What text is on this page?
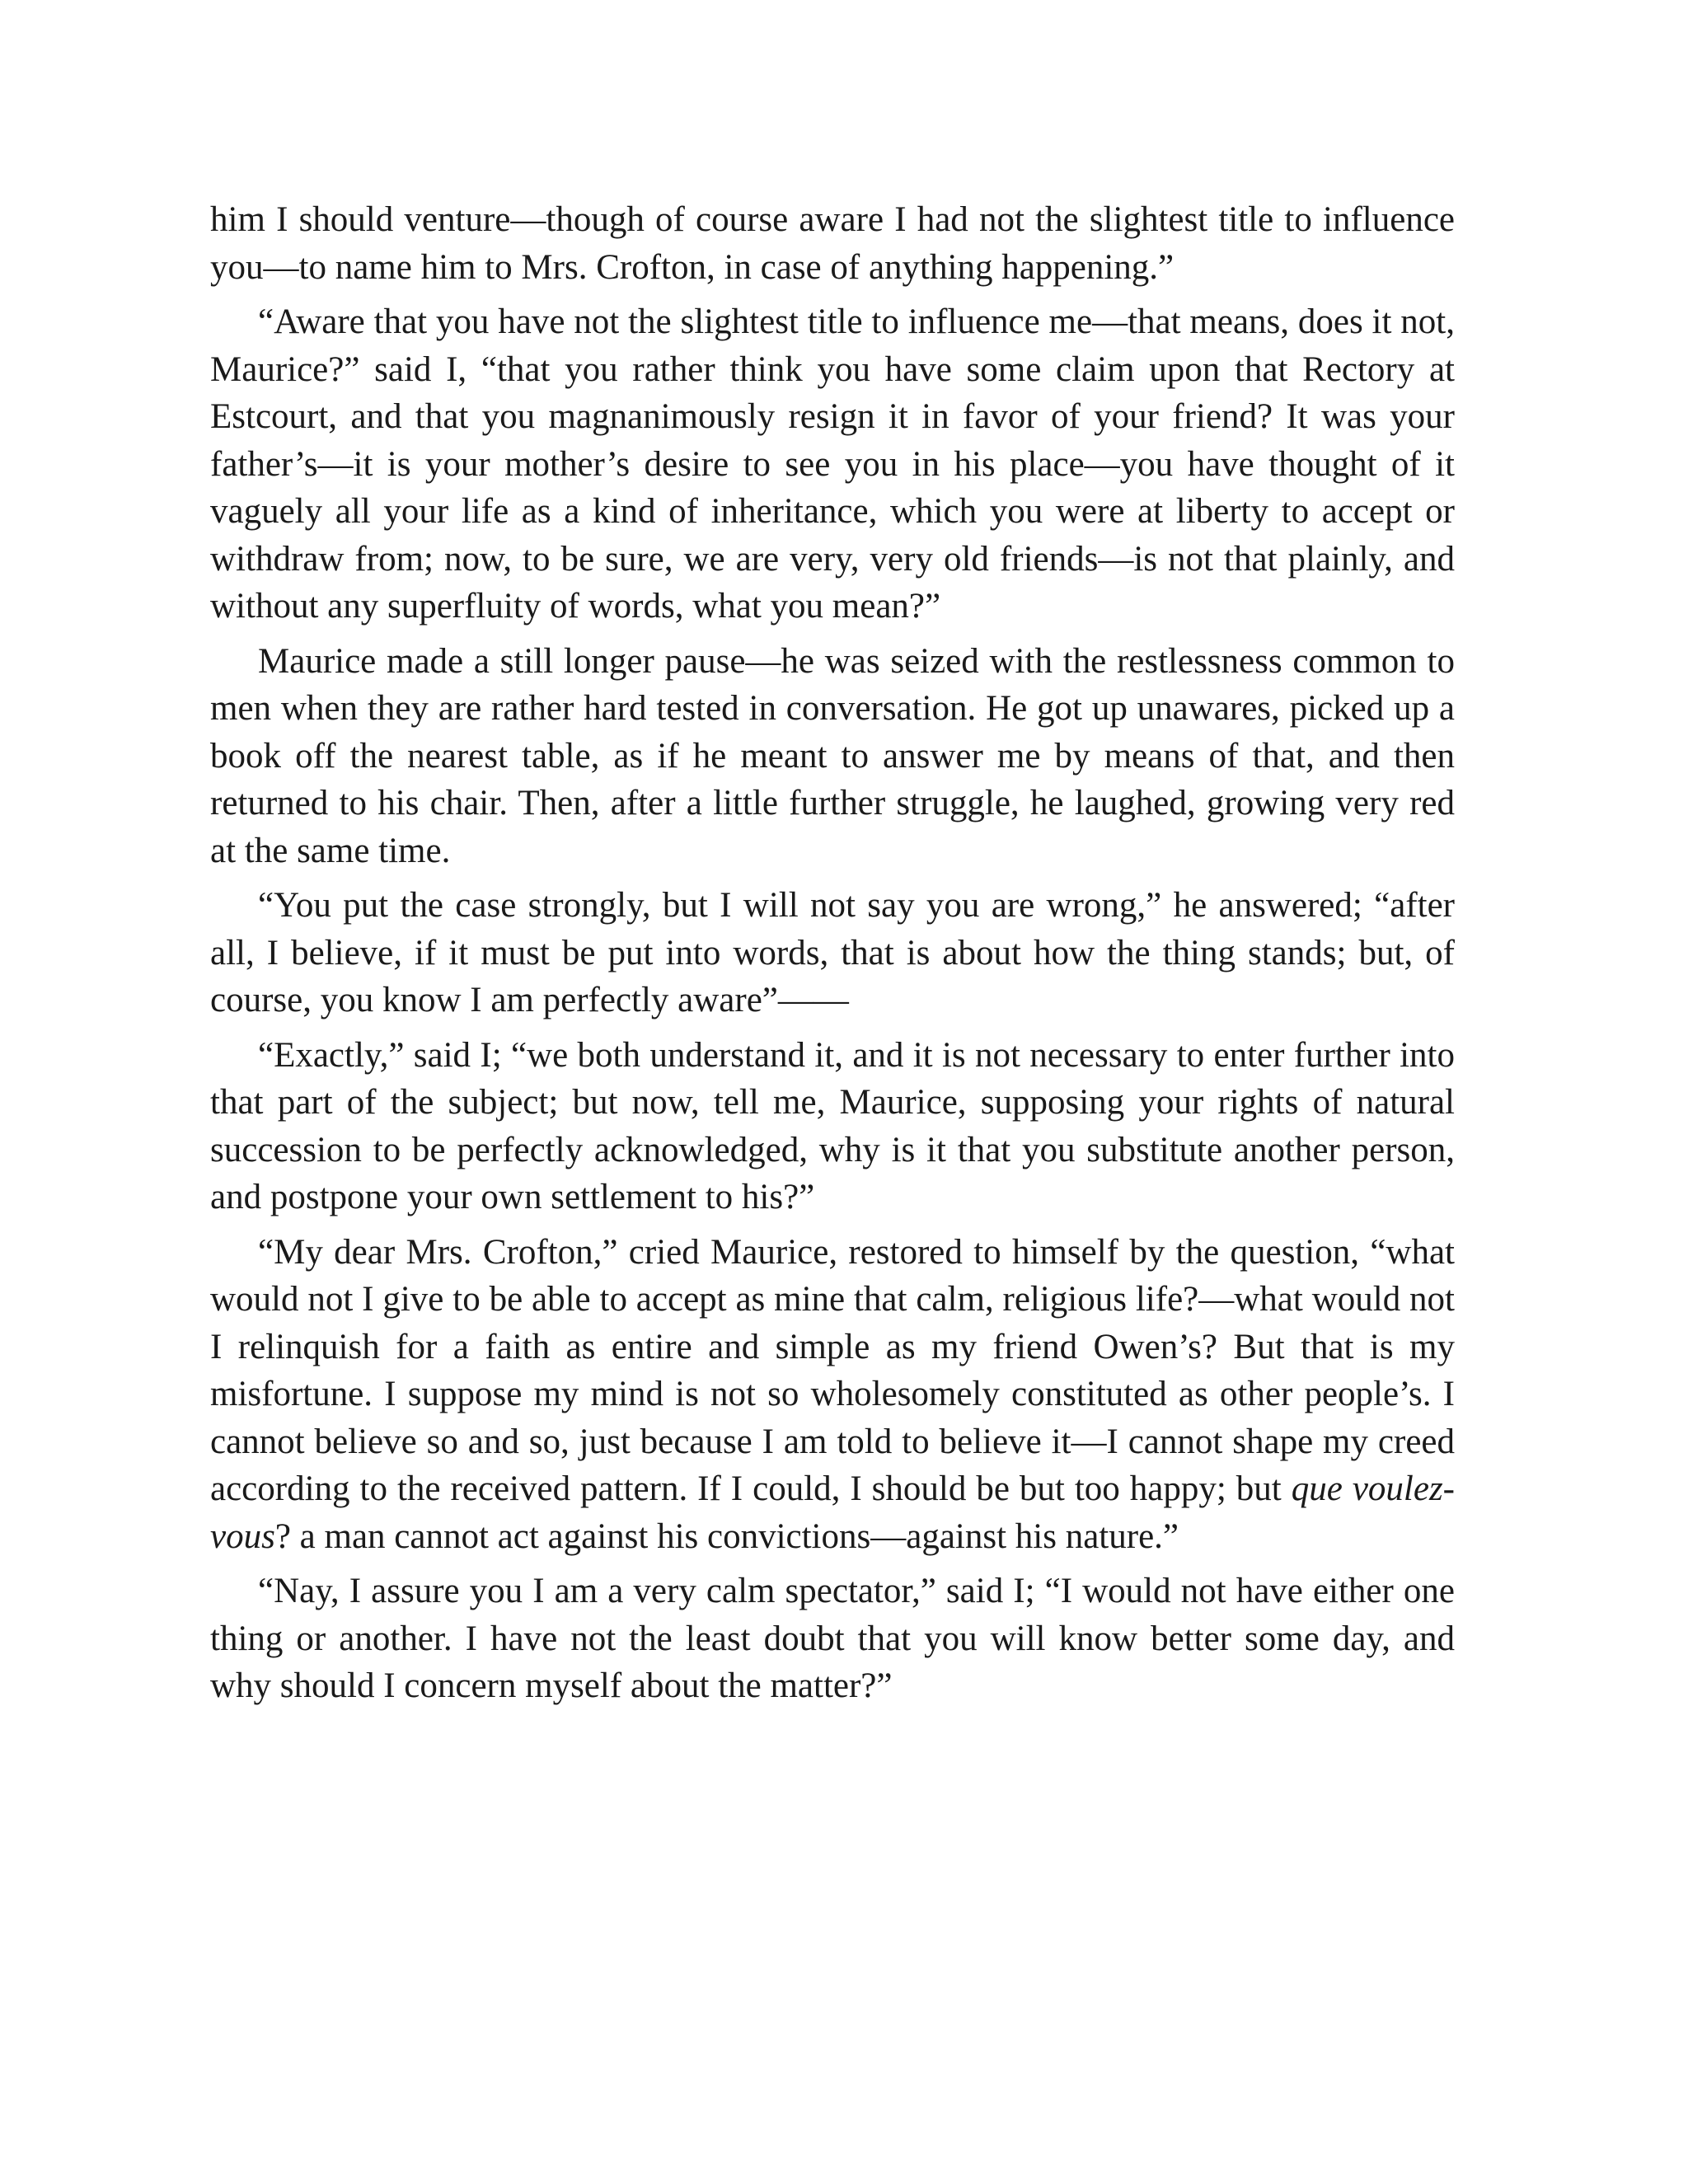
him I should venture—though of course aware I had not the slightest title to influence you—to name him to Mrs. Crofton, in case of anything happening.”

“Aware that you have not the slightest title to influence me—that means, does it not, Maurice?” said I, “that you rather think you have some claim upon that Rectory at Estcourt, and that you magnanimously resign it in favor of your friend? It was your father’s—it is your mother’s desire to see you in his place—you have thought of it vaguely all your life as a kind of inheritance, which you were at liberty to accept or withdraw from; now, to be sure, we are very, very old friends—is not that plainly, and without any superfluity of words, what you mean?”

Maurice made a still longer pause—he was seized with the restlessness common to men when they are rather hard tested in conversation. He got up unawares, picked up a book off the nearest table, as if he meant to answer me by means of that, and then returned to his chair. Then, after a little further struggle, he laughed, growing very red at the same time.

“You put the case strongly, but I will not say you are wrong,” he answered; “after all, I believe, if it must be put into words, that is about how the thing stands; but, of course, you know I am perfectly aware”——

“Exactly,” said I; “we both understand it, and it is not necessary to enter further into that part of the subject; but now, tell me, Maurice, supposing your rights of natural succession to be perfectly acknowledged, why is it that you substitute another person, and postpone your own settlement to his?”

“My dear Mrs. Crofton,” cried Maurice, restored to himself by the question, “what would not I give to be able to accept as mine that calm, religious life?—what would not I relinquish for a faith as entire and simple as my friend Owen’s? But that is my misfortune. I suppose my mind is not so wholesomely constituted as other people’s. I cannot believe so and so, just because I am told to believe it—I cannot shape my creed according to the received pattern. If I could, I should be but too happy; but que voulez-vous? a man cannot act against his convictions—against his nature.”

“Nay, I assure you I am a very calm spectator,” said I; “I would not have either one thing or another. I have not the least doubt that you will know better some day, and why should I concern myself about the matter?”
